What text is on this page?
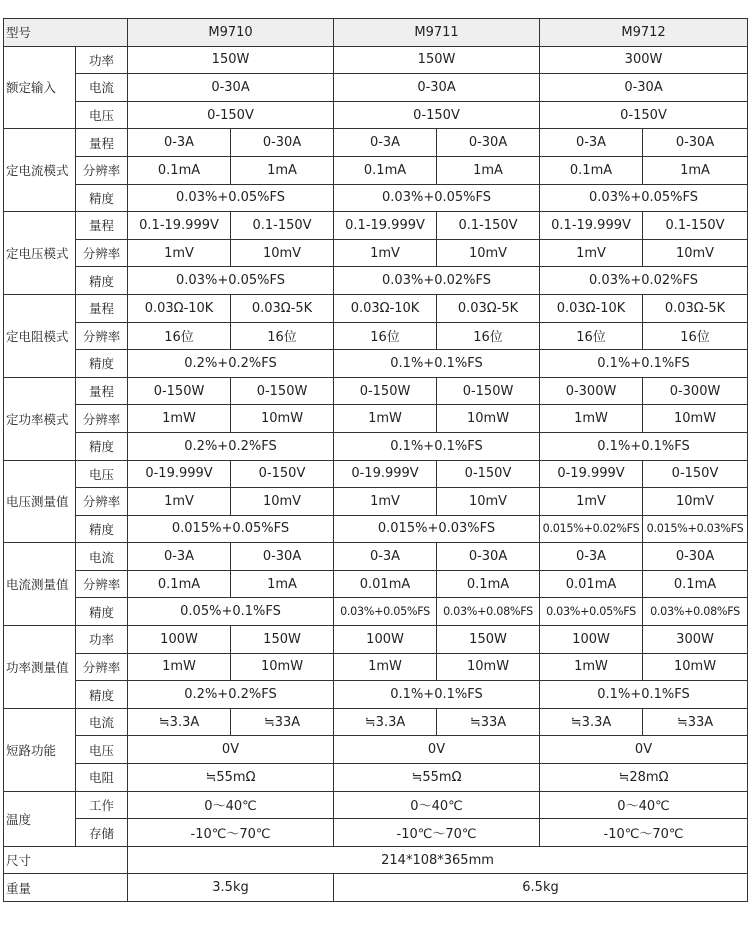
型号		M9710		M9711		M9712	
额定输入	功率	150W		150W		300W	
	电流	0-30A		0-30A		0-30A	
	电压	0-150V		0-150V		0-150V	
定电流模式	量程	0-3A	0-30A	0-3A	0-30A	0-3A	0-30A
	分辨率	0.1mA	1mA	0.1mA	1mA	0.1mA	1mA
	精度	0.03%+0.05%FS		0.03%+0.05%FS		0.03%+0.05%FS	
定电压模式	量程	0.1-19.999V	0.1-150V	0.1-19.999V	0.1-150V	0.1-19.999V	0.1-150V
	分辨率	1mV	10mV	1mV	10mV	1mV	10mV
	精度	0.03%+0.05%FS		0.03%+0.02%FS		0.03%+0.02%FS	
定电阻模式	量程	0.03Ω-10K	0.03Ω-5K	0.03Ω-10K	0.03Ω-5K	0.03Ω-10K	0.03Ω-5K
	分辨率	16位	16位	16位	16位	16位	16位
	精度	0.2%+0.2%FS		0.1%+0.1%FS		0.1%+0.1%FS	
定功率模式	量程	0-150W	0-150W	0-150W	0-150W	0-300W	0-300W
	分辨率	1mW	10mW	1mW	10mW	1mW	10mW
	精度	0.2%+0.2%FS		0.1%+0.1%FS		0.1%+0.1%FS	
电压测量值	电压	0-19.999V	0-150V	0-19.999V	0-150V	0-19.999V	0-150V
	分辨率	1mV	10mV	1mV	10mV	1mV	10mV
	精度	0.015%+0.05%FS		0.015%+0.03%FS		0.015%+0.02%FS	0.015%+0.03%FS
电流测量值	电流	0-3A	0-30A	0-3A	0-30A	0-3A	0-30A
	分辨率	0.1mA	1mA	0.01mA	0.1mA	0.01mA	0.1mA
	精度	0.05%+0.1%FS		0.03%+0.05%FS	0.03%+0.08%FS	0.03%+0.05%FS	0.03%+0.08%FS
功率测量值	功率	100W	150W	100W	150W	100W	300W
	分辨率	1mW	10mW	1mW	10mW	1mW	10mW
	精度	0.2%+0.2%FS		0.1%+0.1%FS		0.1%+0.1%FS	
短路功能	电流	≒3.3A	≒33A	≒3.3A	≒33A	≒3.3A	≒33A
	电压	0V		0V		0V	
	电阻	≒55mΩ		≒55mΩ		≒28mΩ	
温度	工作	0～40℃		0～40℃		0～40℃	
	存储	-10℃～70℃		-10℃～70℃		-10℃～70℃	
尺寸		214*108*365mm					
重量		3.5kg		6.5kg			
